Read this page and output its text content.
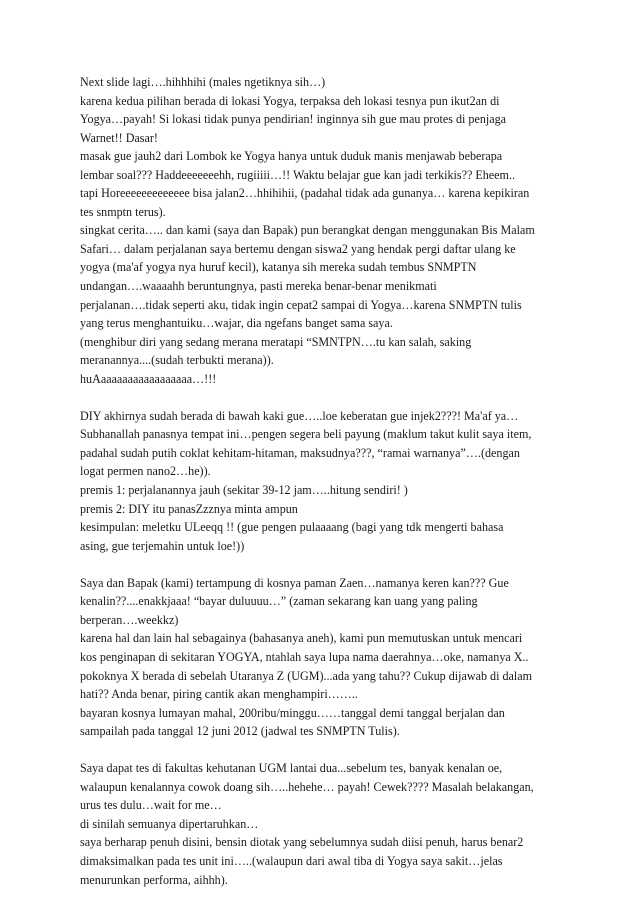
Next slide lagi….hihhhihi (males ngetiknya sih…)
karena kedua pilihan berada di lokasi Yogya, terpaksa deh lokasi tesnya pun ikut2an di
Yogya…payah! Si lokasi tidak punya pendirian! inginnya sih gue mau protes di penjaga
Warnet!! Dasar!
masak gue jauh2 dari Lombok ke Yogya hanya untuk duduk manis menjawab beberapa
lembar soal??? Haddeeeeeeehh, rugiiiii…!! Waktu belajar gue kan jadi terkikis?? Eheem..
tapi Horeeeeeeeeeeeee bisa jalan2…hhihihii, (padahal tidak ada gunanya… karena kepikiran
tes snmptn terus).
singkat cerita….. dan kami (saya dan Bapak) pun berangkat dengan menggunakan Bis Malam
Safari… dalam perjalanan saya bertemu dengan siswa2 yang hendak pergi daftar ulang ke
yogya (ma'af yogya nya huruf kecil), katanya sih mereka sudah tembus SNMPTN
undangan….waaaahh beruntungnya, pasti mereka benar-benar menikmati
perjalanan….tidak seperti aku, tidak ingin cepat2 sampai di Yogya…karena SNMPTN tulis
yang terus menghantuiku…wajar, dia ngefans banget sama saya.
(menghibur diri yang sedang merana meratapi “SMNTPN….tu kan salah, saking
meranannya....(sudah terbukti merana)).
huAaaaaaaaaaaaaaaaaa…!!!
DIY akhirnya sudah berada di bawah kaki gue…..loe keberatan gue injek2???! Ma'af ya…
Subhanallah panasnya tempat ini…pengen segera beli payung (maklum takut kulit saya item,
padahal sudah putih coklat kehitam-hitaman, maksudnya???, “ramai warnanya”….(dengan
logat permen nano2…he)).
premis 1: perjalanannya jauh (sekitar 39-12 jam…..hitung sendiri! )
premis 2: DIY itu panasZzznya minta ampun
kesimpulan: meletku ULeeqq !! (gue pengen pulaaaang (bagi yang tdk mengerti bahasa
asing, gue terjemahin untuk loe!))
Saya dan Bapak (kami) tertampung di kosnya paman Zaen…namanya keren kan??? Gue
kenalin??....enakkjaaa! “bayar duluuuu…” (zaman sekarang kan uang yang paling
berperan….weekkz)
karena hal dan lain hal sebagainya (bahasanya aneh), kami pun memutuskan untuk mencari
kos penginapan di sekitaran YOGYA, ntahlah saya lupa nama daerahnya…oke, namanya X..
pokoknya X berada di sebelah Utaranya Z (UGM)...ada yang tahu?? Cukup dijawab di dalam
hati?? Anda benar, piring cantik akan menghampiri……..
bayaran kosnya lumayan mahal, 200ribu/minggu……tanggal demi tanggal berjalan dan
sampailah pada tanggal 12 juni 2012 (jadwal tes SNMPTN Tulis).
Saya dapat tes di fakultas kehutanan UGM lantai dua...sebelum tes, banyak kenalan oe,
walaupun kenalannya cowok doang sih…..hehehe… payah! Cewek???? Masalah belakangan,
urus tes dulu…wait for me…
di sinilah semuanya dipertaruhkan…
saya berharap penuh disini, bensin diotak yang sebelumnya sudah diisi penuh, harus benar2
dimaksimalkan pada tes unit ini…..(walaupun dari awal tiba di Yogya saya sakit…jelas
menurunkan performa, aihhh).
